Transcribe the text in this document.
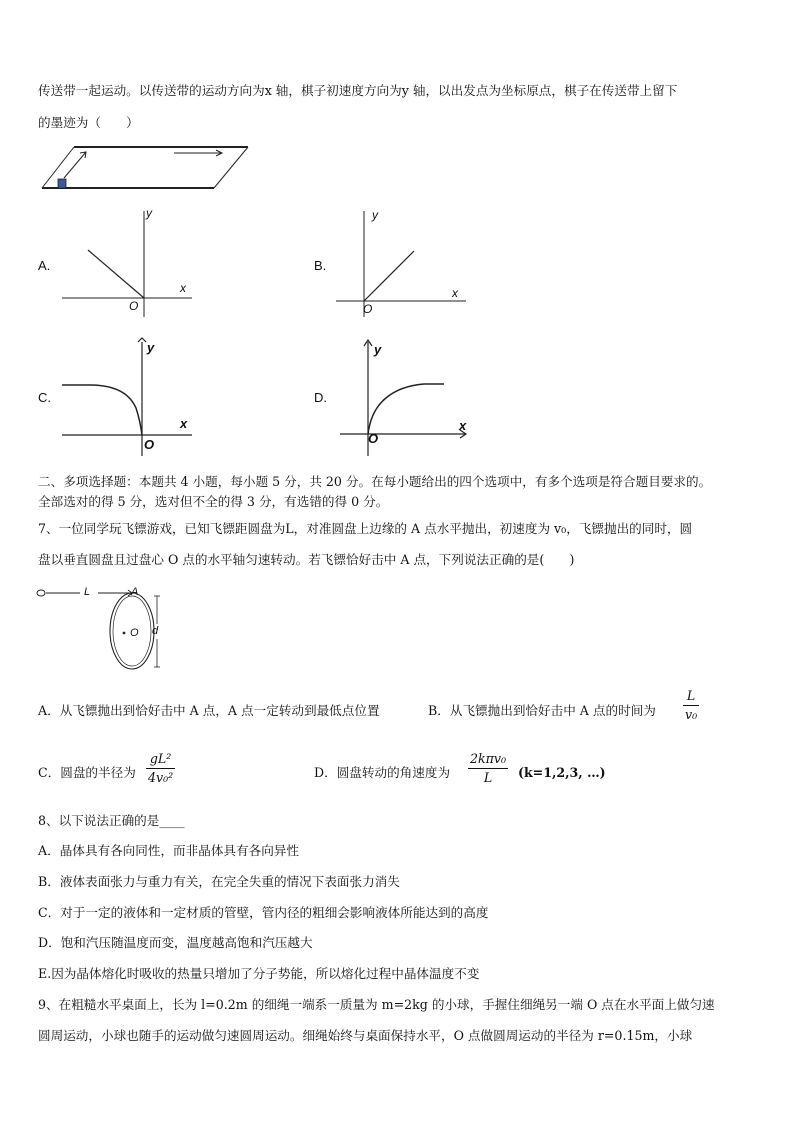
传送带一起运动。以传送带的运动方向为x 轴，棋子初速度方向为y 轴，以出发点为坐标原点，棋子在传送带上留下
的墨迹为（　　）
A.
y
x
O
B.
y
x
O
C.
y
x
O
D.
y
x
O
二、多项选择题：本题共 4 小题，每小题 5 分，共 20 分。在每小题给出的四个选项中，有多个选项是符合题目要求的。
全部选对的得 5 分，选对但不全的得 3 分，有选错的得 0 分。
7、一位同学玩飞镖游戏，已知飞镖距圆盘为L，对准圆盘上边缘的 A 点水平抛出，初速度为 v₀，飞镖抛出的同时，圆
盘以垂直圆盘且过盘心 O 点的水平轴匀速转动。若飞镖恰好击中 A 点，下列说法正确的是(　　)
L	A
O d
A．从飞镖抛出到恰好击中 A 点，A 点一定转动到最低点位置	B．从飞镖抛出到恰好击中 A 点的时间为 $\frac{L}{\text{v₀}}$
C．圆盘的半径为 $\frac{\text{gL²}}{\text{4v₀²}}$	D．圆盘转动的角速度为
2kπv₀
L	(k=1,2,3, …)
8、以下说法正确的是____
A．晶体具有各向同性，而非晶体具有各向异性
B．液体表面张力与重力有关，在完全失重的情况下表面张力消失
C．对于一定的液体和一定材质的管壁，管内径的粗细会影响液体所能达到的高度
D．饱和汽压随温度而变，温度越高饱和汽压越大
E.因为晶体熔化时吸收的热量只增加了分子势能，所以熔化过程中晶体温度不变
9、在粗糙水平桌面上，长为 l=0.2m 的细绳一端系一质量为 m=2kg 的小球，手握住细绳另一端 O 点在水平面上做匀速
圆周运动，小球也随手的运动做匀速圆周运动。细绳始终与桌面保持水平，O 点做圆周运动的半径为 r=0.15m，小球
